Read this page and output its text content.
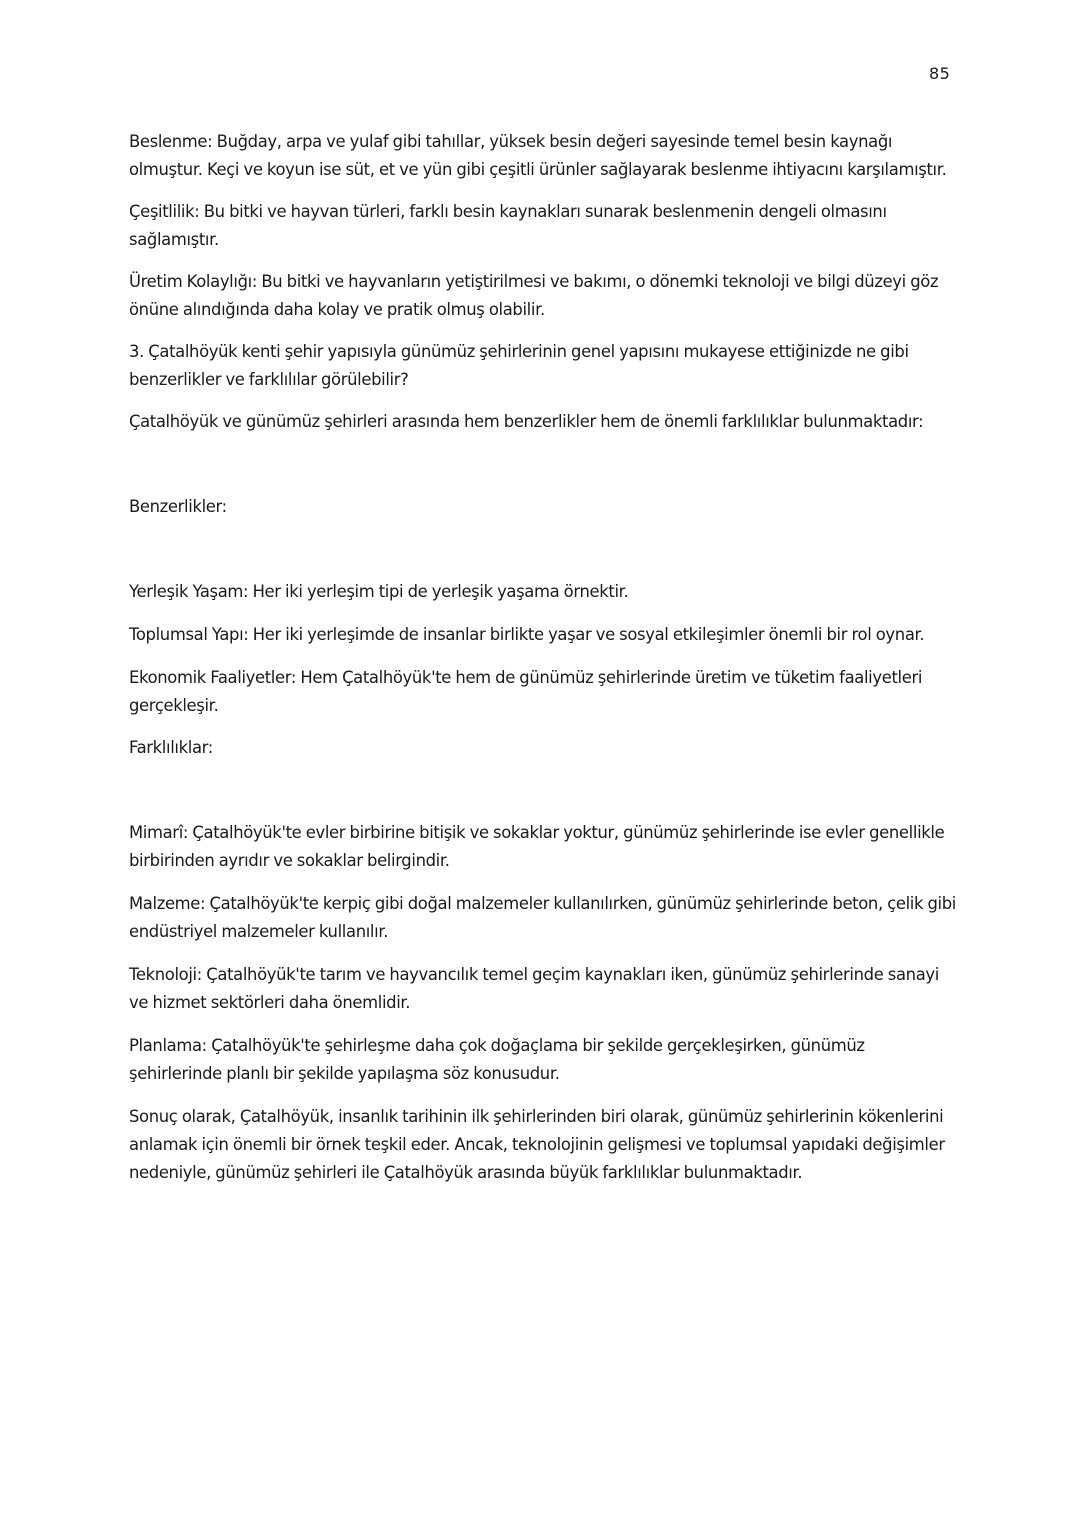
85

Beslenme: Buğday, arpa ve yulaf gibi tahıllar, yüksek besin değeri sayesinde temel besin kaynağı olmuştur. Keçi ve koyun ise süt, et ve yün gibi çeşitli ürünler sağlayarak beslenme ihtiyacını karşılamıştır.

Çeşitlilik: Bu bitki ve hayvan türleri, farklı besin kaynakları sunarak beslenmenin dengeli olmasını sağlamıştır.

Üretim Kolaylığı: Bu bitki ve hayvanların yetiştirilmesi ve bakımı, o dönemki teknoloji ve bilgi düzeyi göz önüne alındığında daha kolay ve pratik olmuş olabilir.

3. Çatalhöyük kenti şehir yapısıyla günümüz şehirlerinin genel yapısını mukayese ettiğinizde ne gibi benzerlikler ve farklılılar görülebilir?

Çatalhöyük ve günümüz şehirleri arasında hem benzerlikler hem de önemli farklılıklar bulunmaktadır:

Benzerlikler:

Yerleşik Yaşam: Her iki yerleşim tipi de yerleşik yaşama örnektir.

Toplumsal Yapı: Her iki yerleşimde de insanlar birlikte yaşar ve sosyal etkileşimler önemli bir rol oynar.

Ekonomik Faaliyetler: Hem Çatalhöyük'te hem de günümüz şehirlerinde üretim ve tüketim faaliyetleri gerçekleşir.

Farklılıklar:

Mimarî: Çatalhöyük'te evler birbirine bitişik ve sokaklar yoktur, günümüz şehirlerinde ise evler genellikle birbirinden ayrıdır ve sokaklar belirgindir.

Malzeme: Çatalhöyük'te kerpiç gibi doğal malzemeler kullanılırken, günümüz şehirlerinde beton, çelik gibi endüstriyel malzemeler kullanılır.

Teknoloji: Çatalhöyük'te tarım ve hayvancılık temel geçim kaynakları iken, günümüz şehirlerinde sanayi ve hizmet sektörleri daha önemlidir.

Planlama: Çatalhöyük'te şehirleşme daha çok doğaçlama bir şekilde gerçekleşirken, günümüz şehirlerinde planlı bir şekilde yapılaşma söz konusudur.

Sonuç olarak, Çatalhöyük, insanlık tarihinin ilk şehirlerinden biri olarak, günümüz şehirlerinin kökenlerini anlamak için önemli bir örnek teşkil eder. Ancak, teknolojinin gelişmesi ve toplumsal yapıdaki değişimler nedeniyle, günümüz şehirleri ile Çatalhöyük arasında büyük farklılıklar bulunmaktadır.
